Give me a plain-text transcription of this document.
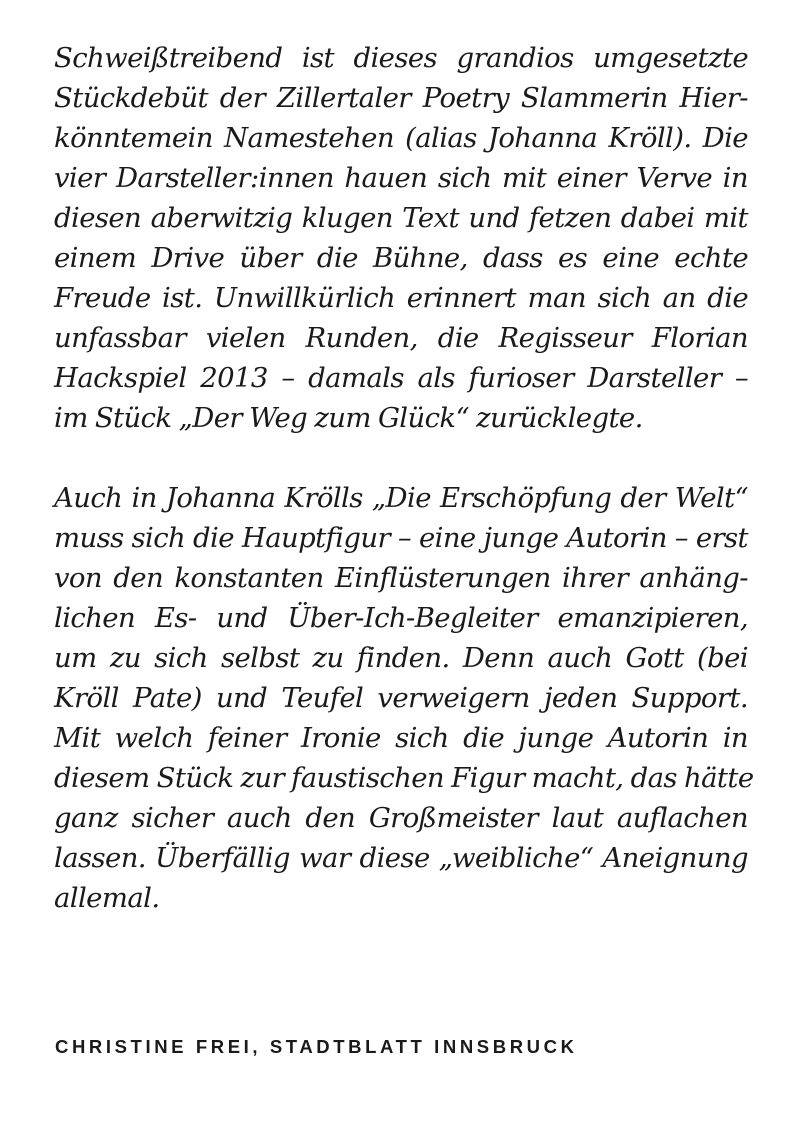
Schweißtreibend ist dieses grandios umgesetzte
Stückdebüt der Zillertaler Poetry Slammerin Hier-
könntemein Namestehen (alias Johanna Kröll). Die
vier Darsteller:innen hauen sich mit einer Verve in
diesen aberwitzig klugen Text und fetzen dabei mit
einem Drive über die Bühne, dass es eine echte
Freude ist. Unwillkürlich erinnert man sich an die
unfassbar vielen Runden, die Regisseur Florian
Hackspiel 2013 – damals als furioser Darsteller –
im Stück „Der Weg zum Glück“ zurücklegte.

Auch in Johanna Krölls „Die Erschöpfung der Welt“
muss sich die Hauptfigur – eine junge Autorin – erst
von den konstanten Einflüsterungen ihrer anhäng-
lichen Es- und Über-Ich-Begleiter emanzipieren,
um zu sich selbst zu finden. Denn auch Gott (bei
Kröll Pate) und Teufel verweigern jeden Support.
Mit welch feiner Ironie sich die junge Autorin in
diesem Stück zur faustischen Figur macht, das hätte
ganz sicher auch den Großmeister laut auflachen
lassen. Überfällig war diese „weibliche“ Aneignung
allemal.

CHRISTINE FREI, STADTBLATT INNSBRUCK
